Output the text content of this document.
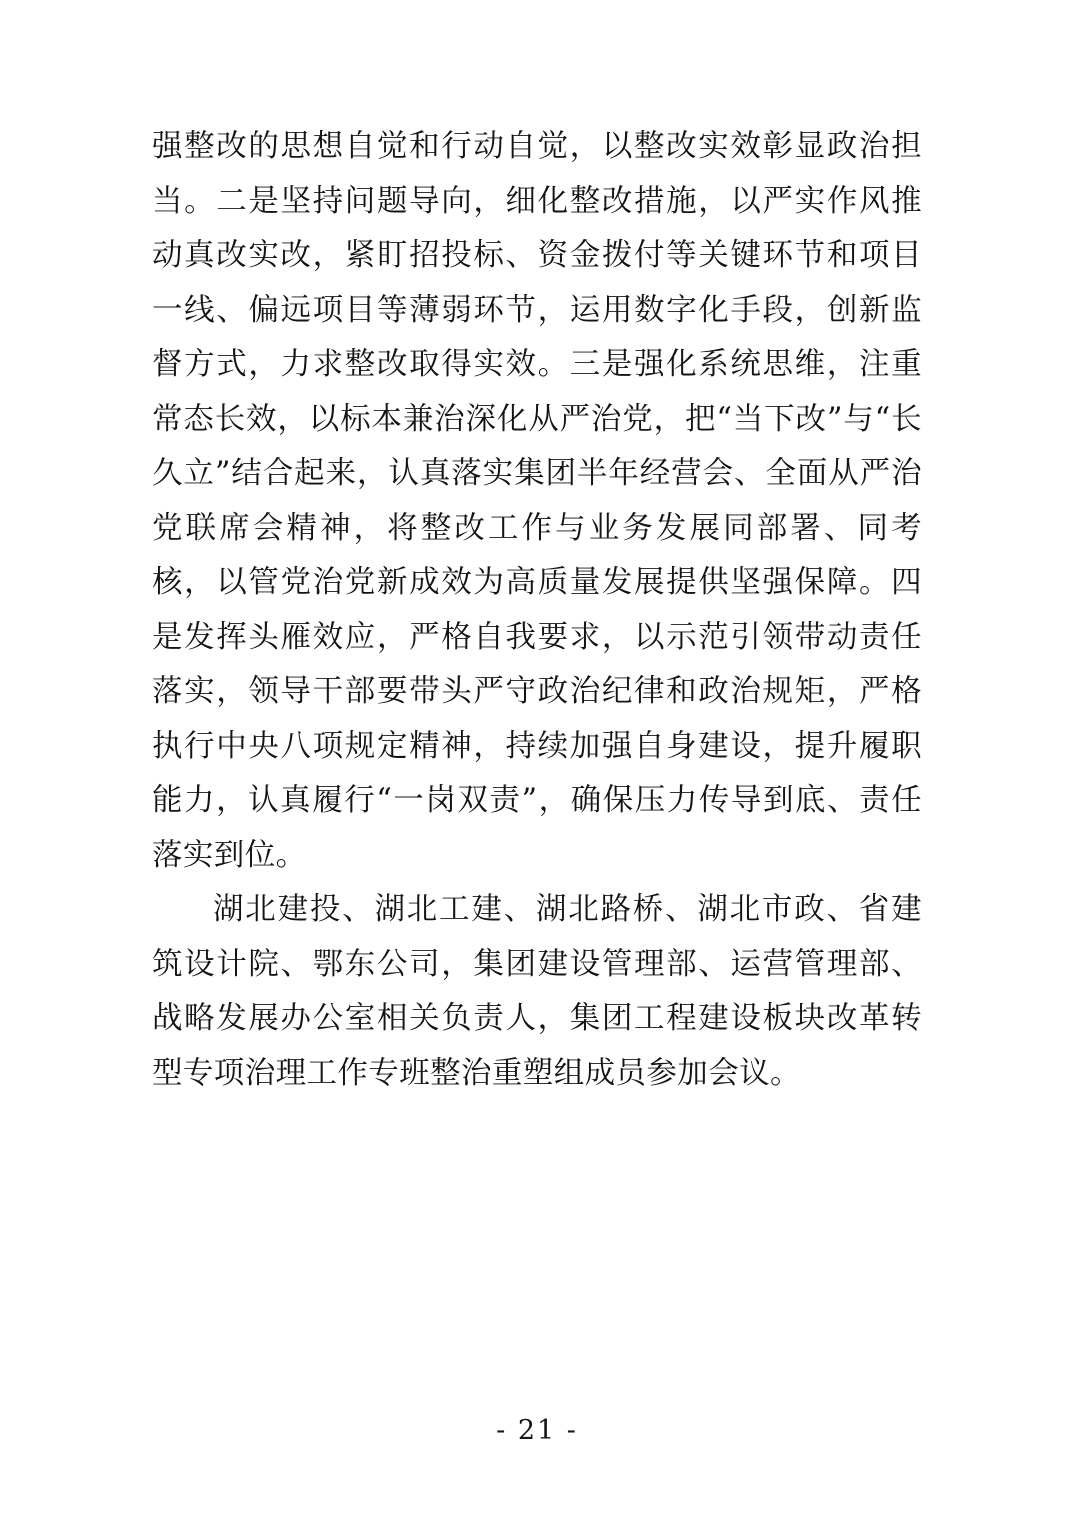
强整改的思想自觉和行动自觉，以整改实效彰显政治担当。二是坚持问题导向，细化整改措施，以严实作风推动真改实改，紧盯招投标、资金拨付等关键环节和项目一线、偏远项目等薄弱环节，运用数字化手段，创新监督方式，力求整改取得实效。三是强化系统思维，注重常态长效，以标本兼治深化从严治党，把“当下改”与“长久立”结合起来，认真落实集团半年经营会、全面从严治党联席会精神，将整改工作与业务发展同部署、同考核，以管党治党新成效为高质量发展提供坚强保障。四是发挥头雁效应，严格自我要求，以示范引领带动责任落实，领导干部要带头严守政治纪律和政治规矩，严格执行中央八项规定精神，持续加强自身建设，提升履职能力，认真履行“一岗双责”，确保压力传导到底、责任落实到位。

湖北建投、湖北工建、湖北路桥、湖北市政、省建筑设计院、鄂东公司，集团建设管理部、运营管理部、战略发展办公室相关负责人，集团工程建设板块改革转型专项治理工作专班整治重塑组成员参加会议。

- 21 -
